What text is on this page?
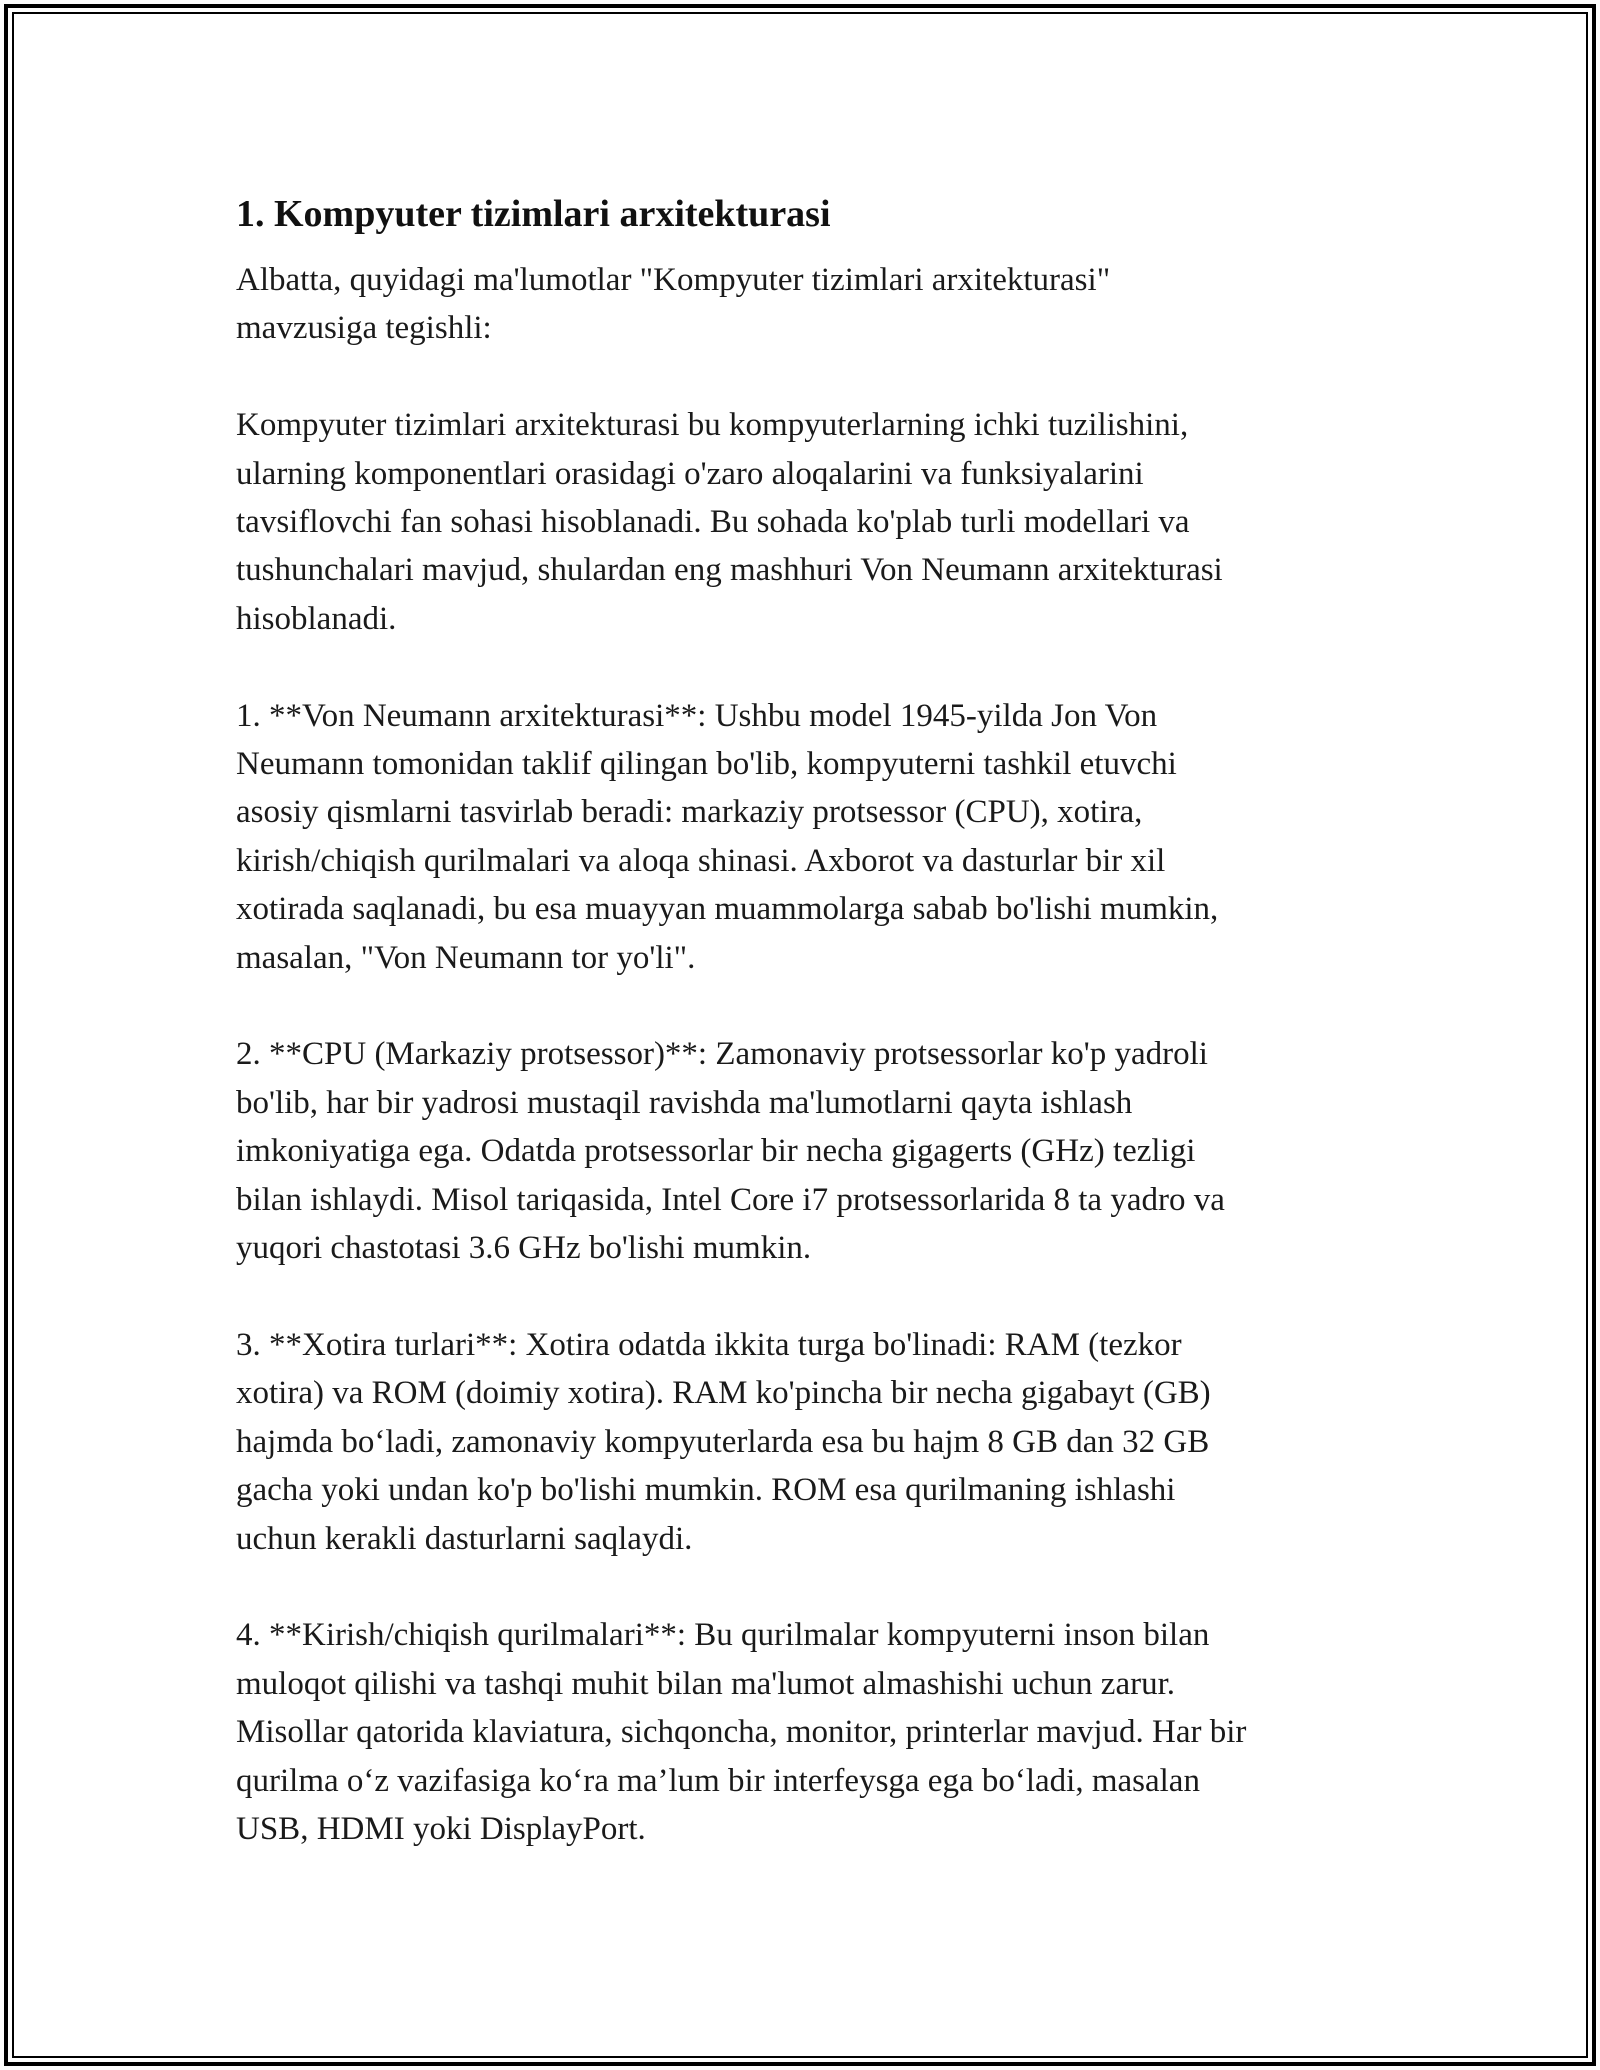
1. Kompyuter tizimlari arxitekturasi

Albatta, quyidagi ma'lumotlar "Kompyuter tizimlari arxitekturasi"
mavzusiga tegishli:

Kompyuter tizimlari arxitekturasi bu kompyuterlarning ichki tuzilishini,
ularning komponentlari orasidagi o'zaro aloqalarini va funksiyalarini
tavsiflovchi fan sohasi hisoblanadi. Bu sohada ko'plab turli modellari va
tushunchalari mavjud, shulardan eng mashhuri Von Neumann arxitekturasi
hisoblanadi.

1. **Von Neumann arxitekturasi**: Ushbu model 1945-yilda Jon Von
Neumann tomonidan taklif qilingan bo'lib, kompyuterni tashkil etuvchi
asosiy qismlarni tasvirlab beradi: markaziy protsessor (CPU), xotira,
kirish/chiqish qurilmalari va aloqa shinasi. Axborot va dasturlar bir xil
xotirada saqlanadi, bu esa muayyan muammolarga sabab bo'lishi mumkin,
masalan, "Von Neumann tor yo'li".

2. **CPU (Markaziy protsessor)**: Zamonaviy protsessorlar ko'p yadroli
bo'lib, har bir yadrosi mustaqil ravishda ma'lumotlarni qayta ishlash
imkoniyatiga ega. Odatda protsessorlar bir necha gigagerts (GHz) tezligi
bilan ishlaydi. Misol tariqasida, Intel Core i7 protsessorlarida 8 ta yadro va
yuqori chastotasi 3.6 GHz bo'lishi mumkin.

3. **Xotira turlari**: Xotira odatda ikkita turga bo'linadi: RAM (tezkor
xotira) va ROM (doimiy xotira). RAM ko'pincha bir necha gigabayt (GB)
hajmda bo‘ladi, zamonaviy kompyuterlarda esa bu hajm 8 GB dan 32 GB
gacha yoki undan ko'p bo'lishi mumkin. ROM esa qurilmaning ishlashi
uchun kerakli dasturlarni saqlaydi.

4. **Kirish/chiqish qurilmalari**: Bu qurilmalar kompyuterni inson bilan
muloqot qilishi va tashqi muhit bilan ma'lumot almashishi uchun zarur.
Misollar qatorida klaviatura, sichqoncha, monitor, printerlar mavjud. Har bir
qurilma o‘z vazifasiga ko‘ra ma’lum bir interfeysga ega bo‘ladi, masalan
USB, HDMI yoki DisplayPort.
